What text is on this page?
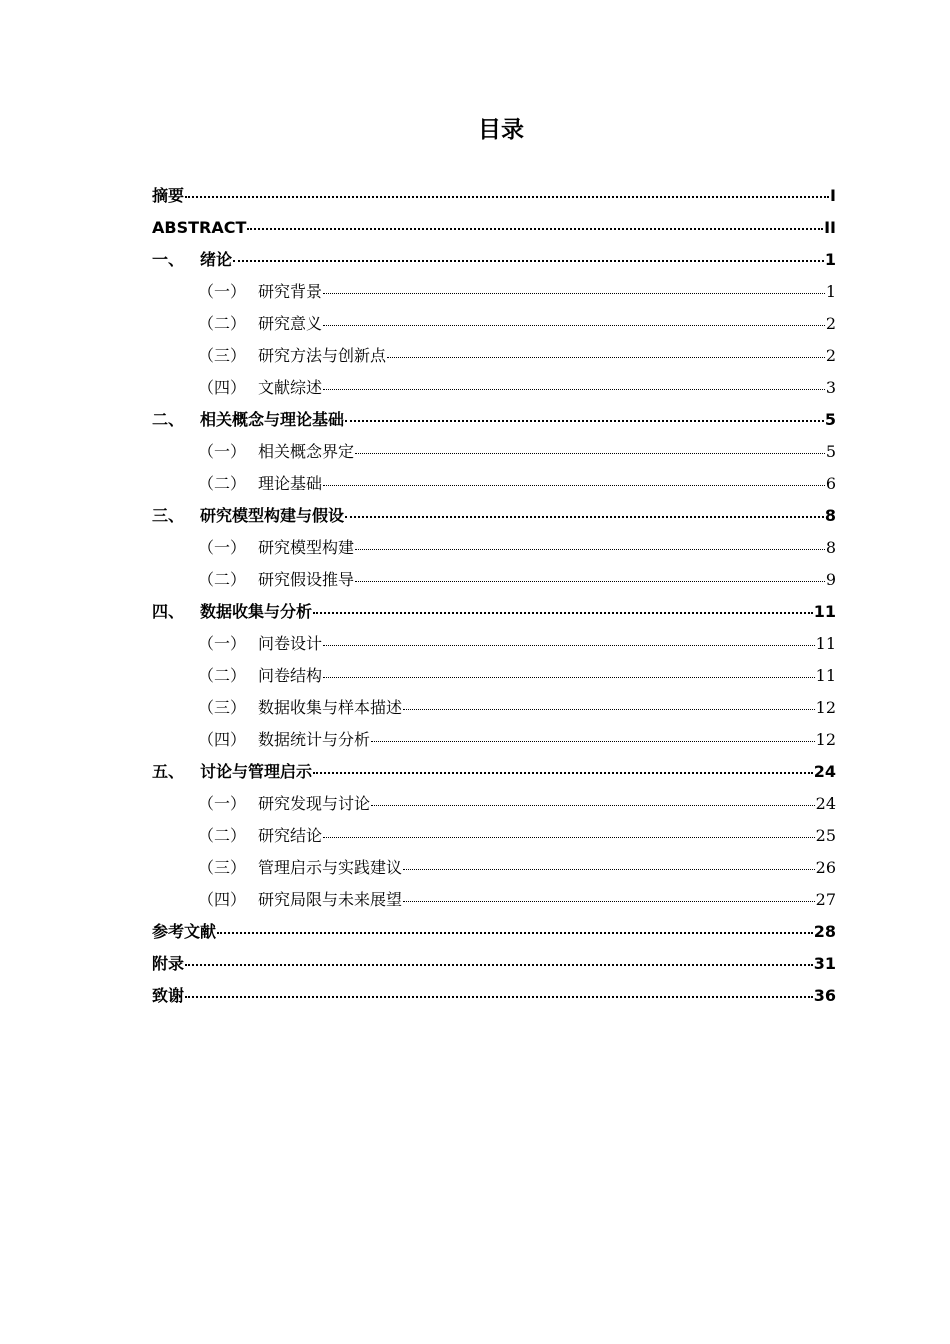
目录
摘要	I
ABSTRACT	II
一、 绪论	1
（一） 研究背景	1
（二） 研究意义	2
（三） 研究方法与创新点	2
（四） 文献综述	3
二、 相关概念与理论基础	5
（一） 相关概念界定	5
（二） 理论基础	6
三、 研究模型构建与假设	8
（一） 研究模型构建	8
（二） 研究假设推导	9
四、 数据收集与分析	11
（一） 问卷设计	11
（二） 问卷结构	11
（三） 数据收集与样本描述	12
（四） 数据统计与分析	12
五、 讨论与管理启示	24
（一） 研究发现与讨论	24
（二） 研究结论	25
（三） 管理启示与实践建议	26
（四） 研究局限与未来展望	27
参考文献	28
附录	31
致谢	36
